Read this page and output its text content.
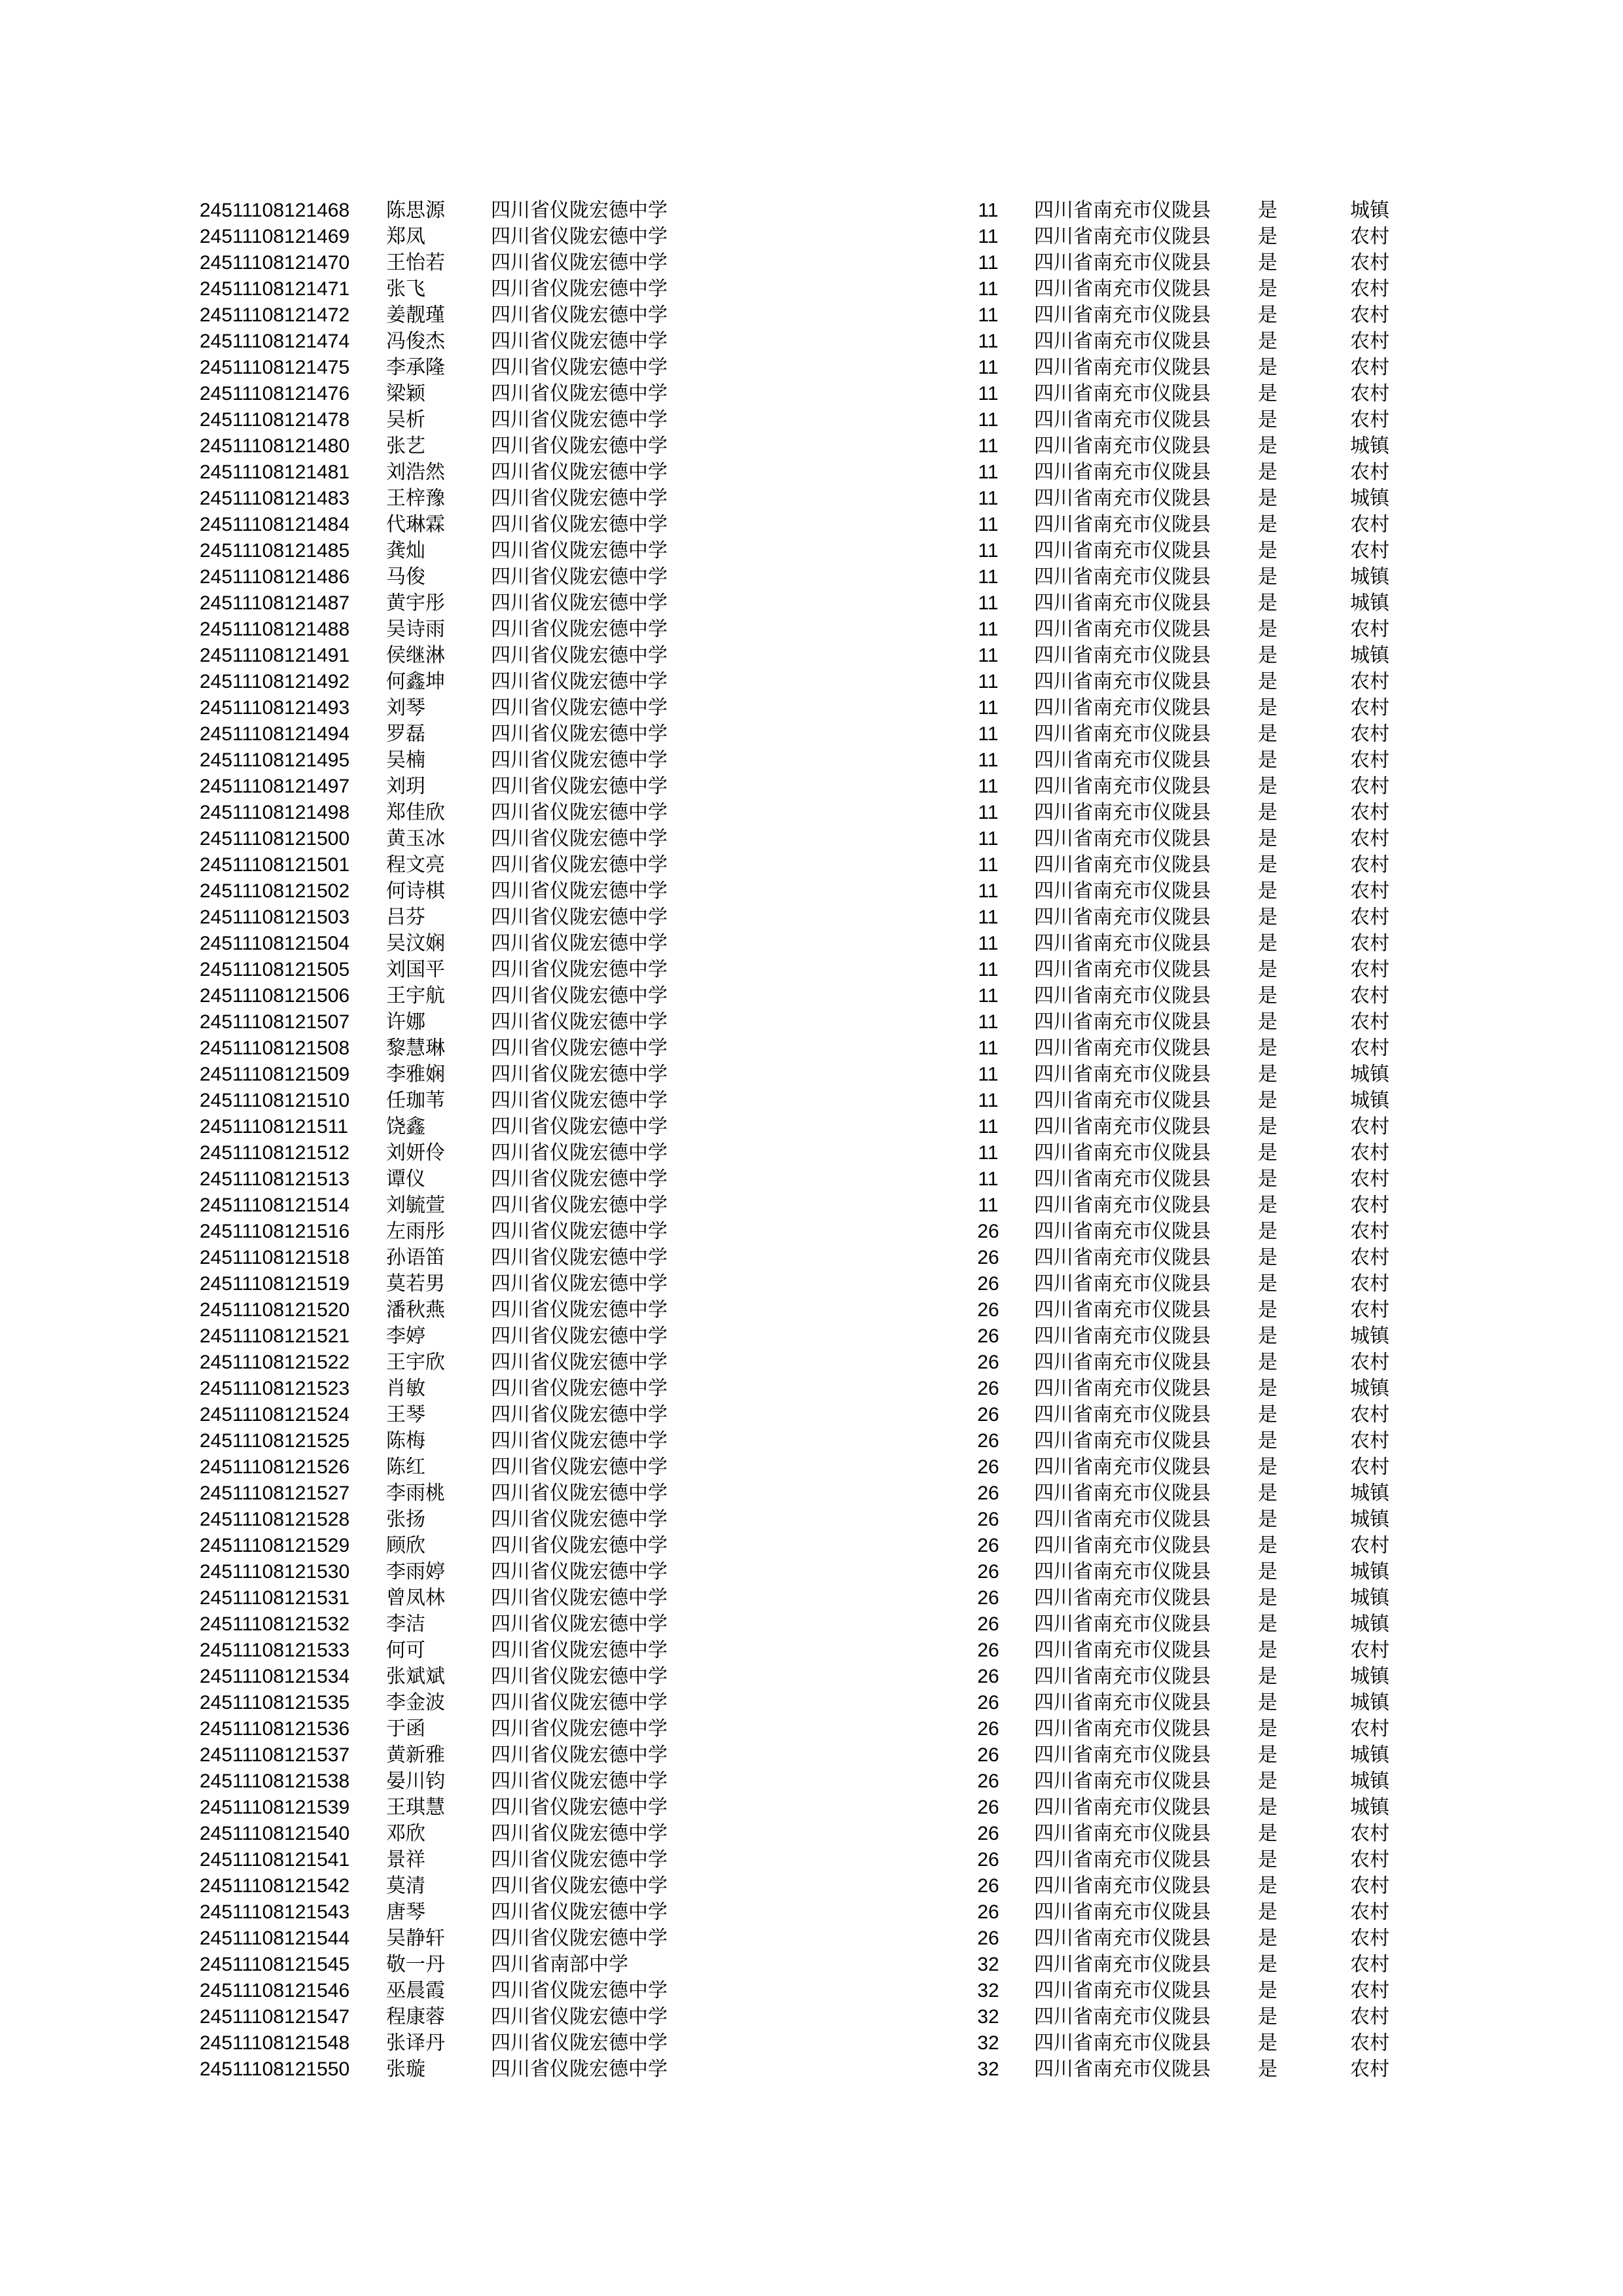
24511108121468 陈思源 四川省仪陇宏德中学	11 四川省南充市仪陇县 是	城镇
24511108121469 郑凤	四川省仪陇宏德中学	11 四川省南充市仪陇县 是	农村
24511108121470 王怡若 四川省仪陇宏德中学	11 四川省南充市仪陇县 是	农村
24511108121471 张飞	四川省仪陇宏德中学	11 四川省南充市仪陇县 是	农村
24511108121472 姜靓瑾 四川省仪陇宏德中学	11 四川省南充市仪陇县 是	农村
24511108121474 冯俊杰 四川省仪陇宏德中学	11 四川省南充市仪陇县 是	农村
24511108121475 李承隆 四川省仪陇宏德中学	11 四川省南充市仪陇县 是	农村
24511108121476 梁颖	四川省仪陇宏德中学	11 四川省南充市仪陇县 是	农村
24511108121478 吴析	四川省仪陇宏德中学	11 四川省南充市仪陇县 是	农村
24511108121480 张艺	四川省仪陇宏德中学	11 四川省南充市仪陇县 是	城镇
24511108121481 刘浩然 四川省仪陇宏德中学	11 四川省南充市仪陇县 是	农村
24511108121483 王梓豫 四川省仪陇宏德中学	11 四川省南充市仪陇县 是	城镇
24511108121484 代琳霖 四川省仪陇宏德中学	11 四川省南充市仪陇县 是	农村
24511108121485 龚灿	四川省仪陇宏德中学	11 四川省南充市仪陇县 是	农村
24511108121486 马俊	四川省仪陇宏德中学	11 四川省南充市仪陇县 是	城镇
24511108121487 黄宇彤 四川省仪陇宏德中学	11 四川省南充市仪陇县 是	城镇
24511108121488 吴诗雨 四川省仪陇宏德中学	11 四川省南充市仪陇县 是	农村
24511108121491 侯继淋 四川省仪陇宏德中学	11 四川省南充市仪陇县 是	城镇
24511108121492 何鑫坤 四川省仪陇宏德中学	11 四川省南充市仪陇县 是	农村
24511108121493 刘琴	四川省仪陇宏德中学	11 四川省南充市仪陇县 是	农村
24511108121494 罗磊	四川省仪陇宏德中学	11 四川省南充市仪陇县 是	农村
24511108121495 吴楠	四川省仪陇宏德中学	11 四川省南充市仪陇县 是	农村
24511108121497 刘玥	四川省仪陇宏德中学	11 四川省南充市仪陇县 是	农村
24511108121498 郑佳欣 四川省仪陇宏德中学	11 四川省南充市仪陇县 是	农村
24511108121500 黄玉冰 四川省仪陇宏德中学	11 四川省南充市仪陇县 是	农村
24511108121501 程文亮 四川省仪陇宏德中学	11 四川省南充市仪陇县 是	农村
24511108121502 何诗棋 四川省仪陇宏德中学	11 四川省南充市仪陇县 是	农村
24511108121503 吕芬	四川省仪陇宏德中学	11 四川省南充市仪陇县 是	农村
24511108121504 吴汶娴 四川省仪陇宏德中学	11 四川省南充市仪陇县 是	农村
24511108121505 刘国平 四川省仪陇宏德中学	11 四川省南充市仪陇县 是	农村
24511108121506 王宇航 四川省仪陇宏德中学	11 四川省南充市仪陇县 是	农村
24511108121507 许娜	四川省仪陇宏德中学	11 四川省南充市仪陇县 是	农村
24511108121508 黎慧琳 四川省仪陇宏德中学	11 四川省南充市仪陇县 是	农村
24511108121509 李雅娴 四川省仪陇宏德中学	11 四川省南充市仪陇县 是	城镇
24511108121510 任珈苇 四川省仪陇宏德中学	11 四川省南充市仪陇县 是	城镇
24511108121511 饶鑫	四川省仪陇宏德中学	11 四川省南充市仪陇县 是	农村
24511108121512 刘妍伶 四川省仪陇宏德中学	11 四川省南充市仪陇县 是	农村
24511108121513 谭仪	四川省仪陇宏德中学	11 四川省南充市仪陇县 是	农村
24511108121514 刘毓萱 四川省仪陇宏德中学	11 四川省南充市仪陇县 是	农村
24511108121516 左雨彤 四川省仪陇宏德中学	26 四川省南充市仪陇县 是	农村
24511108121518 孙语笛 四川省仪陇宏德中学	26 四川省南充市仪陇县 是	农村
24511108121519 莫若男 四川省仪陇宏德中学	26 四川省南充市仪陇县 是	农村
24511108121520 潘秋燕 四川省仪陇宏德中学	26 四川省南充市仪陇县 是	农村
24511108121521 李婷	四川省仪陇宏德中学	26 四川省南充市仪陇县 是	城镇
24511108121522 王宇欣 四川省仪陇宏德中学	26 四川省南充市仪陇县 是	农村
24511108121523 肖敏	四川省仪陇宏德中学	26 四川省南充市仪陇县 是	城镇
24511108121524 王琴	四川省仪陇宏德中学	26 四川省南充市仪陇县 是	农村
24511108121525 陈梅	四川省仪陇宏德中学	26 四川省南充市仪陇县 是	农村
24511108121526 陈红	四川省仪陇宏德中学	26 四川省南充市仪陇县 是	农村
24511108121527 李雨桃 四川省仪陇宏德中学	26 四川省南充市仪陇县 是	城镇
24511108121528 张扬	四川省仪陇宏德中学	26 四川省南充市仪陇县 是	城镇
24511108121529 顾欣	四川省仪陇宏德中学	26 四川省南充市仪陇县 是	农村
24511108121530 李雨婷 四川省仪陇宏德中学	26 四川省南充市仪陇县 是	城镇
24511108121531 曾凤林 四川省仪陇宏德中学	26 四川省南充市仪陇县 是	城镇
24511108121532 李洁	四川省仪陇宏德中学	26 四川省南充市仪陇县 是	城镇
24511108121533 何可	四川省仪陇宏德中学	26 四川省南充市仪陇县 是	农村
24511108121534 张斌斌 四川省仪陇宏德中学	26 四川省南充市仪陇县 是	城镇
24511108121535 李金波 四川省仪陇宏德中学	26 四川省南充市仪陇县 是	城镇
24511108121536 于函	四川省仪陇宏德中学	26 四川省南充市仪陇县 是	农村
24511108121537 黄新雅 四川省仪陇宏德中学	26 四川省南充市仪陇县 是	城镇
24511108121538 晏川钧 四川省仪陇宏德中学	26 四川省南充市仪陇县 是	城镇
24511108121539 王琪慧 四川省仪陇宏德中学	26 四川省南充市仪陇县 是	城镇
24511108121540 邓欣	四川省仪陇宏德中学	26 四川省南充市仪陇县 是	农村
24511108121541 景祥	四川省仪陇宏德中学	26 四川省南充市仪陇县 是	农村
24511108121542 莫清	四川省仪陇宏德中学	26 四川省南充市仪陇县 是	农村
24511108121543 唐琴	四川省仪陇宏德中学	26 四川省南充市仪陇县 是	农村
24511108121544 吴静轩 四川省仪陇宏德中学	26 四川省南充市仪陇县 是	农村
24511108121545 敬一丹 四川省南部中学	32 四川省南充市仪陇县 是	农村
24511108121546 巫晨霞 四川省仪陇宏德中学	32 四川省南充市仪陇县 是	农村
24511108121547 程康蓉 四川省仪陇宏德中学	32 四川省南充市仪陇县 是	农村
24511108121548 张译丹 四川省仪陇宏德中学	32 四川省南充市仪陇县 是	农村
24511108121550 张璇	四川省仪陇宏德中学	32 四川省南充市仪陇县 是	农村
